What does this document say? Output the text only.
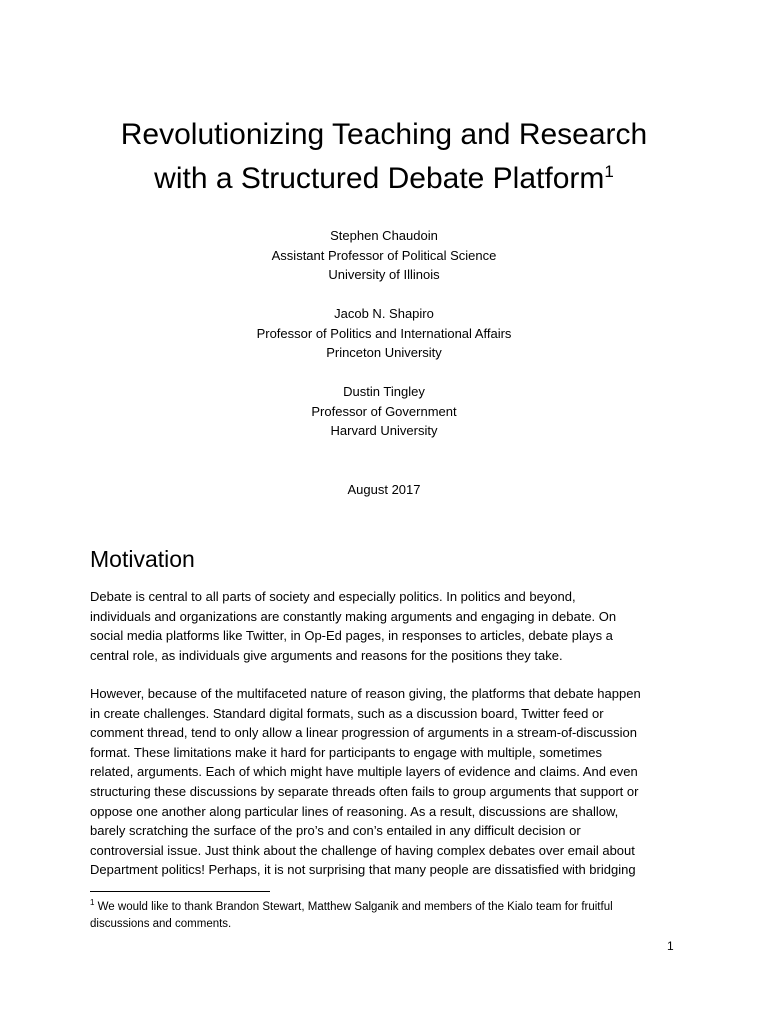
Revolutionizing Teaching and Research
with a Structured Debate Platform$^1$
Stephen Chaudoin
Assistant Professor of Political Science
University of Illinois
Jacob N. Shapiro
Professor of Politics and International Affairs
Princeton University
Dustin Tingley
Professor of Government
Harvard University
August 2017
Motivation

Debate is central to all parts of society and especially politics. In politics and beyond,
individuals and organizations are constantly making arguments and engaging in debate. On
social media platforms like Twitter, in Op-Ed pages, in responses to articles, debate plays a
central role, as individuals give arguments and reasons for the positions they take.

However, because of the multifaceted nature of reason giving, the platforms that debate happen
in create challenges. Standard digital formats, such as a discussion board, Twitter feed or
comment thread, tend to only allow a linear progression of arguments in a stream-of-discussion
format. These limitations make it hard for participants to engage with multiple, sometimes
related, arguments. Each of which might have multiple layers of evidence and claims. And even
structuring these discussions by separate threads often fails to group arguments that support or
oppose one another along particular lines of reasoning. As a result, discussions are shallow,
barely scratching the surface of the pro’s and con’s entailed in any difficult decision or
controversial issue. Just think about the challenge of having complex debates over email about
Department politics! Perhaps, it is not surprising that many people are dissatisfied with bridging

$^1$ We would like to thank Brandon Stewart, Matthew Salganik and members of the Kialo team for fruitful
discussions and comments.
1
